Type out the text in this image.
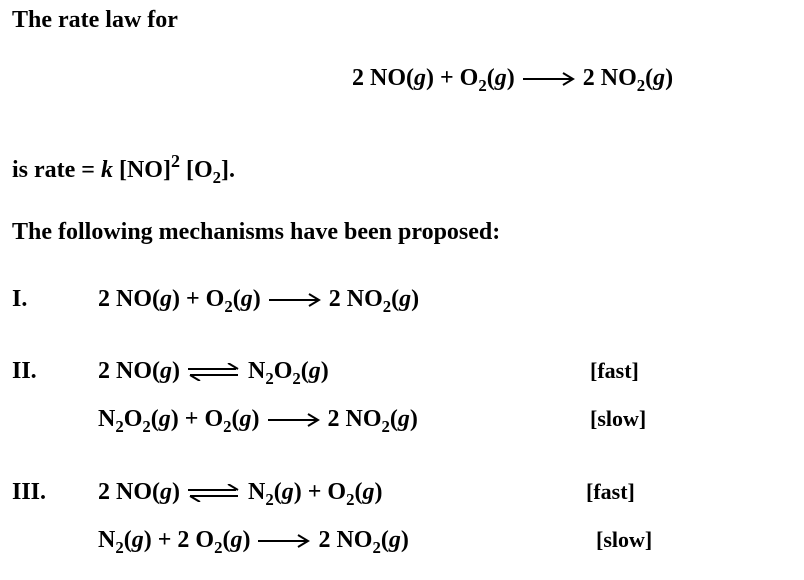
The rate law for
2 $NO(g) + O_2(g) \to 2$ $NO_2(g)$
is rate = k [NO]$^2$ $[O_2]$.
The following mechanisms have been proposed:
I.	2 $NO(g) + O_2(g) \to 2$ $NO_2(g)$
II.	2 NO(g) ⇌ $N_2O_2(g)$	[fast]
$N_2O_2(g) + O_2(g) \to 2$ $NO_2(g)$	[slow]
III. 2 NO(g) ⇌ $N_2(g) + O_2(g)$	[fast]
$N_2(g) + 2$ $O_2(g) \to 2$ $NO_2(g)$	[slow]
